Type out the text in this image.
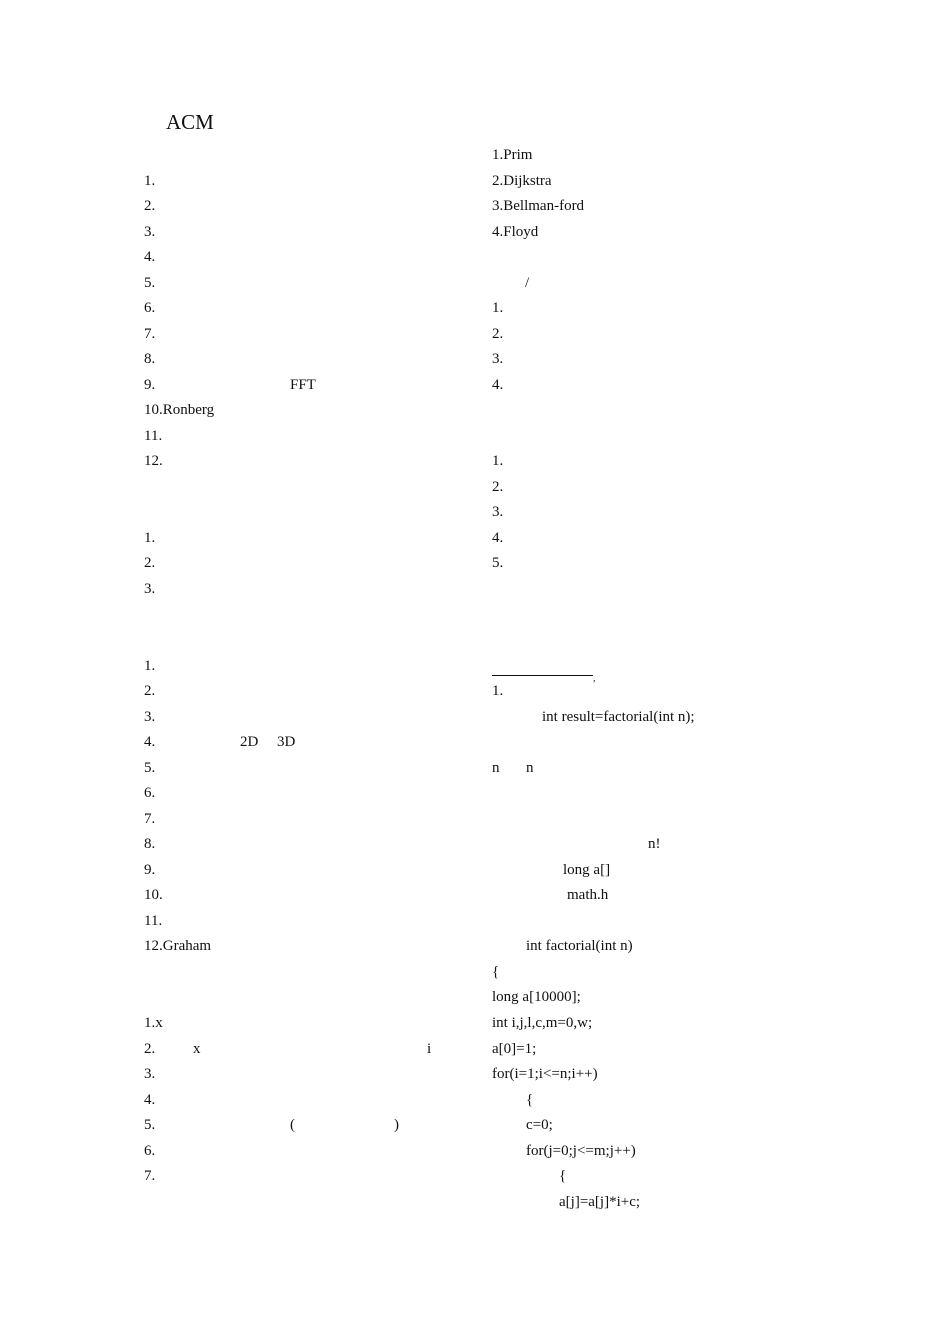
ACM
1.
2.
3.
4.
5.
6.
7.
8.
9.	FFT
10.Ronberg
11.
12.
1.
2.
3.
1.
2.
3.
4.	2D 3D
5.
6.
7.
8.
9.
10.
11.
12.Graham
1.x
2.	x	i
3.
4.
5.	(	)
6.
7.
1.Prim
2.Dijkstra
3.Bellman-ford
4.Floyd
/
1.
2.
3.
4.
1.
2.
3.
4.
5.
1.
int result=factorial(int n);
n n
n!
long a[]
math.h
int factorial(int n)
{
long a[10000];
int i,j,l,c,m=0,w;
a[0]=1;
for(i=1;i<=n;i++)
{
c=0;
for(j=0;j<=m;j++)
{
a[j]=a[j]*i+c;
,
